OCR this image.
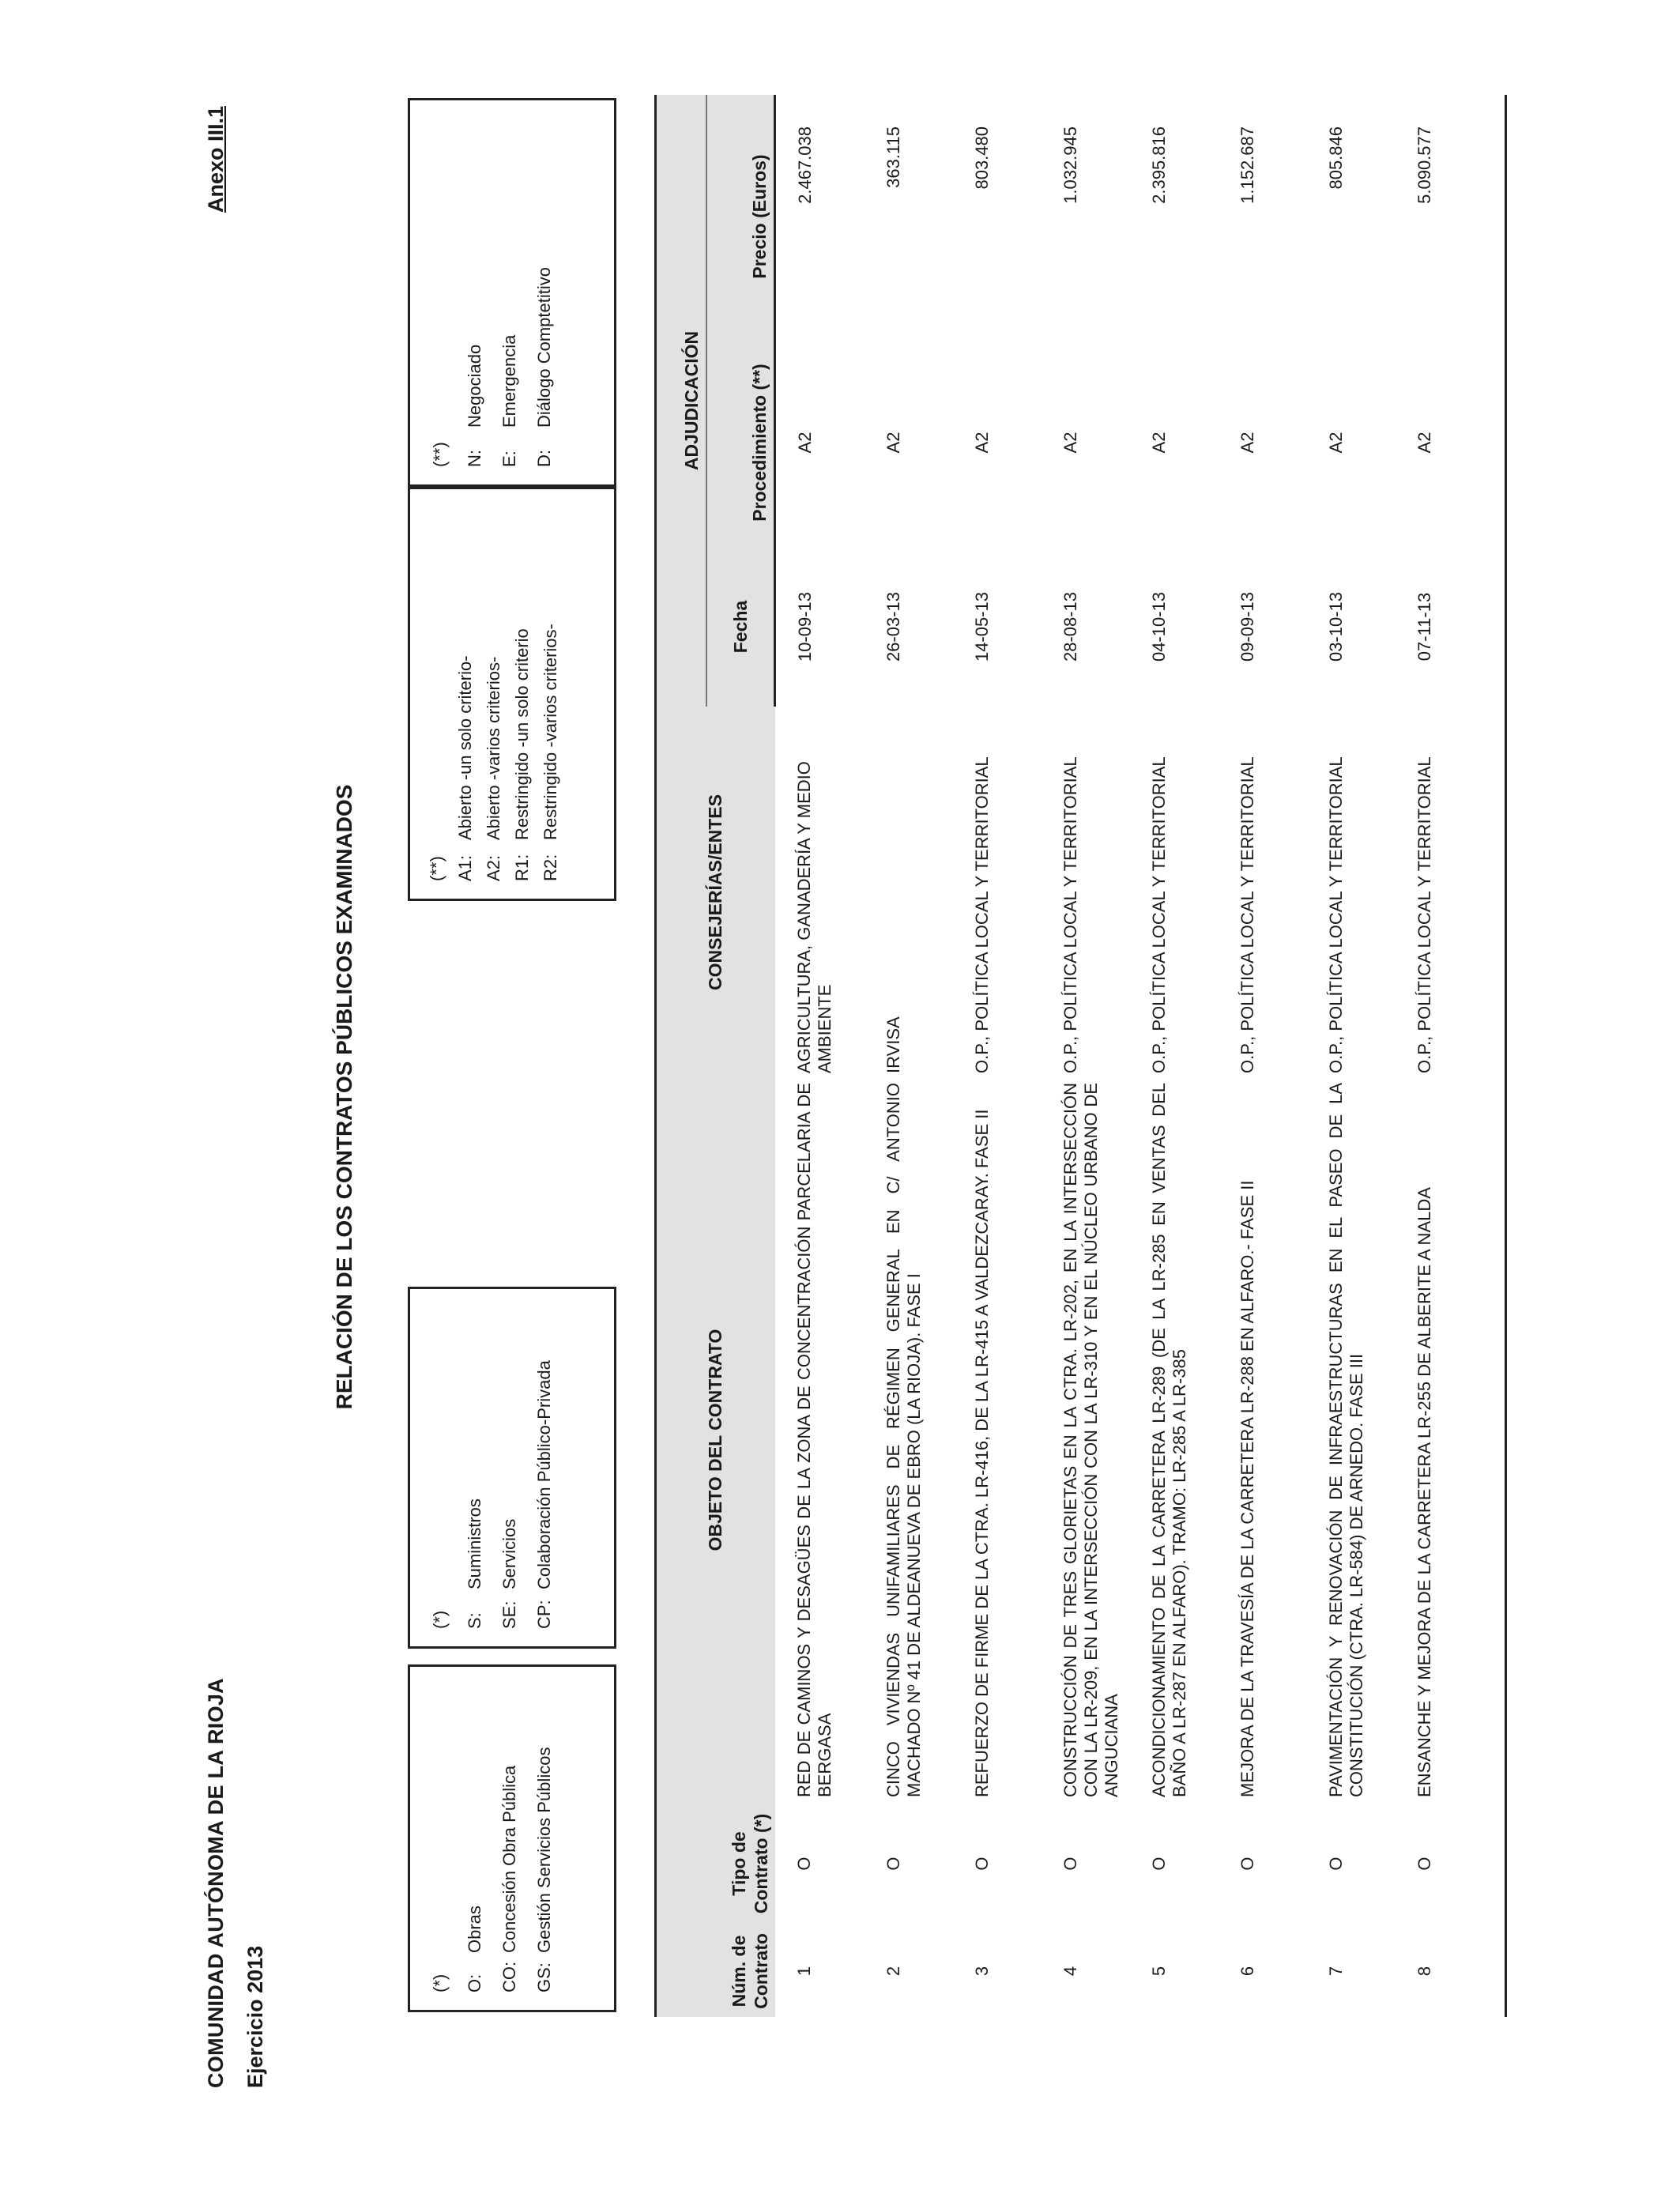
COMUNIDAD AUTÓNOMA DE LA RIOJA Ejercicio 2013
Anexo III.1
RELACIÓN DE LOS CONTRATOS PÚBLICOS EXAMINADOS
(*) O:
Obras
CO:
Concesión Obra Pública
GS:
Gestión Servicios Públicos
(*) S:
Suministros
SE:
Servicios
CP:
Colaboración Público-Privada
(**) A1:
Abierto -un solo criterio-
A2:
Abierto -varios criterios-
R1:
Restringido -un solo criterio
R2:
Restringido -varios criterios-
(**) N:
Negociado
E:
Emergencia
D:
Diálogo Comptetitivo
Núm. de Contrato	Tipo de Contrato (*)	OBJETO DEL CONTRATO	CONSEJERÍAS/ENTES	ADJUDICACIÓN		
				Fecha	Procedimiento (**)	Precio (Euros)
1	O	RED DE CAMINOS Y DESAGÜES DE LA ZONA DE CONCENTRACIÓN PARCELARIA DE BERGASA	AGRICULTURA, GANADERÍA Y MEDIO AMBIENTE	10-09-13	A2	2.467.038
2	O	CINCO VIVIENDAS UNIFAMILIARES DE RÉGIMEN GENERAL EN C/ ANTONIO MACHADO Nº 41 DE ALDEANUEVA DE EBRO (LA RIOJA). FASE I	IRVISA	26-03-13	A2	363.115
3	O	REFUERZO DE FIRME DE LA CTRA. LR-416, DE LA LR-415 A VALDEZCARAY. FASE II	O.P., POLÍTICA LOCAL Y TERRITORIAL	14-05-13	A2	803.480
4	O	CONSTRUCCIÓN DE TRES GLORIETAS EN LA CTRA. LR-202, EN LA INTERSECCIÓN CON LA LR-209, EN LA INTERSECCIÓN CON LA LR-310 Y EN EL NÚCLEO URBANO DE ANGUCIANA	O.P., POLÍTICA LOCAL Y TERRITORIAL	28-08-13	A2	1.032.945
5	O	ACONDICIONAMIENTO DE LA CARRETERA LR-289 (DE LA LR-285 EN VENTAS DEL BAÑO A LR-287 EN ALFARO). TRAMO: LR-285 A LR-385	O.P., POLÍTICA LOCAL Y TERRITORIAL	04-10-13	A2	2.395.816
6	O	MEJORA DE LA TRAVESÍA DE LA CARRETERA LR-288 EN ALFARO.- FASE II	O.P., POLÍTICA LOCAL Y TERRITORIAL	09-09-13	A2	1.152.687
7	O	PAVIMENTACIÓN Y RENOVACIÓN DE INFRAESTRUCTURAS EN EL PASEO DE LA CONSTITUCIÓN (CTRA. LR-584) DE ARNEDO. FASE III	O.P., POLÍTICA LOCAL Y TERRITORIAL	03-10-13	A2	805.846
8	O	ENSANCHE Y MEJORA DE LA CARRETERA LR-255 DE ALBERITE A NALDA	O.P., POLÍTICA LOCAL Y TERRITORIAL	07-11-13	A2	5.090.577
